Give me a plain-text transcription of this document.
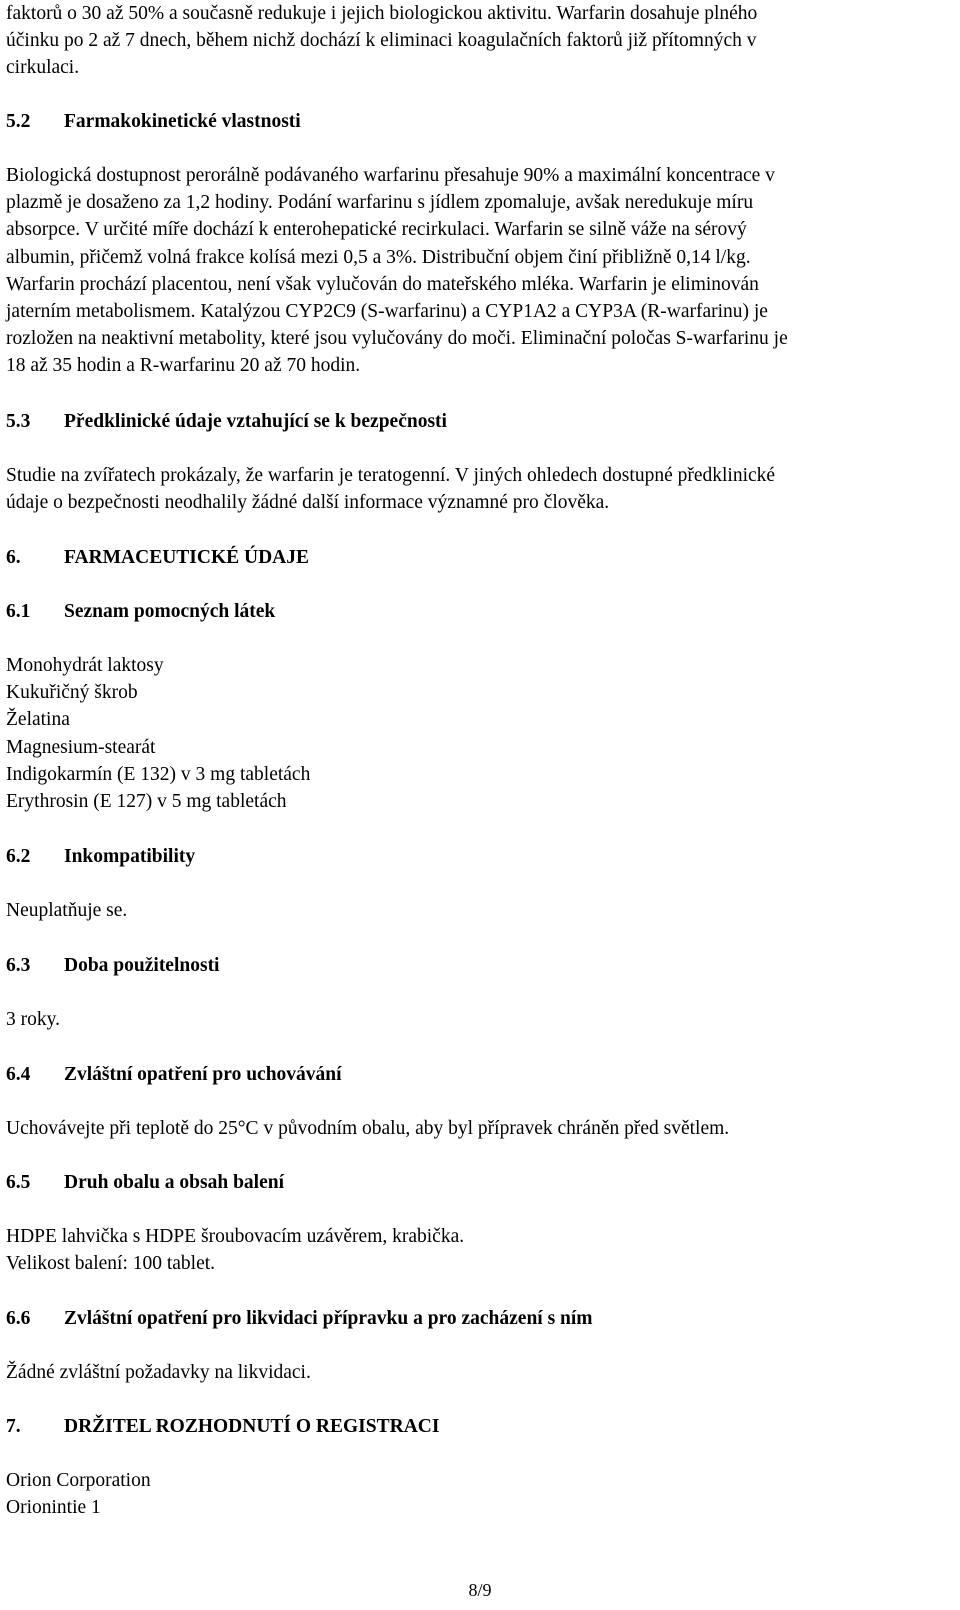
faktorů o 30 až 50% a současně redukuje i jejich biologickou aktivitu. Warfarin dosahuje plného
účinku po 2 až 7 dnech, během nichž dochází k eliminaci koagulačních faktorů již přítomných v
cirkulaci.
5.2 Farmakokinetické vlastnosti
Biologická dostupnost perorálně podávaného warfarinu přesahuje 90% a maximální koncentrace v
plazmě je dosaženo za 1,2 hodiny. Podání warfarinu s jídlem zpomaluje, avšak neredukuje míru
absorpce. V určité míře dochází k enterohepatické recirkulaci. Warfarin se silně váže na sérový
albumin, přičemž volná frakce kolísá mezi 0,5 a 3%. Distribuční objem činí přibližně 0,14 l/kg.
Warfarin prochází placentou, není však vylučován do mateřského mléka. Warfarin je eliminován
jaterním metabolismem. Katalýzou CYP2C9 (S-warfarinu) a CYP1A2 a CYP3A (R-warfarinu) je
rozložen na neaktivní metabolity, které jsou vylučovány do moči. Eliminační poločas S-warfarinu je
18 až 35 hodin a R-warfarinu 20 až 70 hodin.
5.3 Předklinické údaje vztahující se k bezpečnosti
Studie na zvířatech prokázaly, že warfarin je teratogenní. V jiných ohledech dostupné předklinické
údaje o bezpečnosti neodhalily žádné další informace významné pro člověka.
6. FARMACEUTICKÉ ÚDAJE
6.1 Seznam pomocných látek
Monohydrát laktosy
Kukuřičný škrob
Želatina
Magnesium-stearát
Indigokarmín (E 132) v 3 mg tabletách
Erythrosin (E 127) v 5 mg tabletách
6.2 Inkompatibility
Neuplatňuje se.
6.3 Doba použitelnosti
3 roky.
6.4 Zvláštní opatření pro uchovávání
Uchovávejte při teplotě do 25°C v původním obalu, aby byl přípravek chráněn před světlem.
6.5 Druh obalu a obsah balení
HDPE lahvička s HDPE šroubovacím uzávěrem, krabička.
Velikost balení: 100 tablet.
6.6 Zvláštní opatření pro likvidaci přípravku a pro zacházení s ním
Žádné zvláštní požadavky na likvidaci.
7. DRŽITEL ROZHODNUTÍ O REGISTRACI
Orion Corporation
Orionintie 1
8/9
